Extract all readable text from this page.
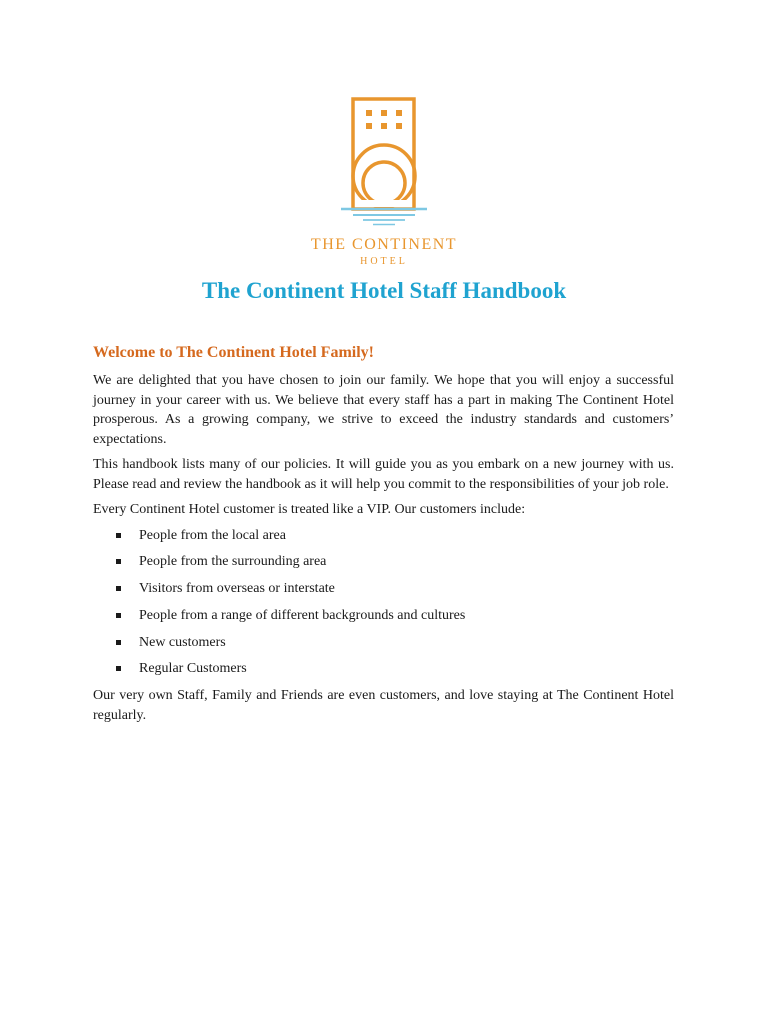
THE CONTINENT
HOTEL
The Continent Hotel Staff Handbook
Welcome to The Continent Hotel Family!

We are delighted that you have chosen to join our family. We hope that you will enjoy a successful journey in your career with us. We believe that every staff has a part in making The Continent Hotel prosperous. As a growing company, we strive to exceed the industry standards and customers’ expectations.

This handbook lists many of our policies. It will guide you as you embark on a new journey with us. Please read and review the handbook as it will help you commit to the responsibilities of your job role.

Every Continent Hotel customer is treated like a VIP. Our customers include:

People from the local area
People from the surrounding area
Visitors from overseas or interstate
People from a range of different backgrounds and cultures
New customers
Regular Customers

Our very own Staff, Family and Friends are even customers, and love staying at The Continent Hotel regularly.
